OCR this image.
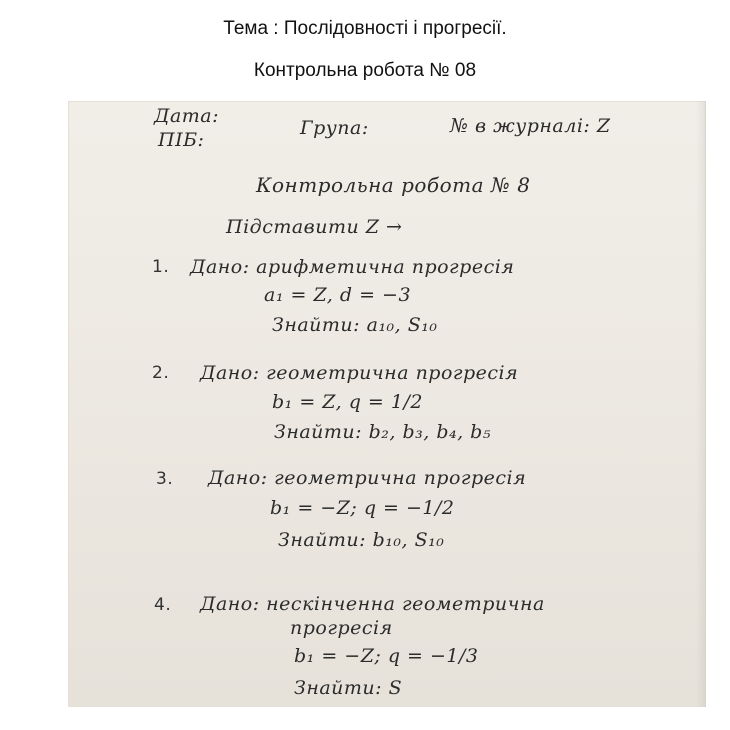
Тема : Послідовності і прогресії.
Контрольна робота № 08
Дата:
ПІБ:
Група:	№ в журналі: Z
Контрольна робота № 8
Підставити Z →
1. Дано: арифметична прогресія
a₁ = Z, d = −3
Знайти: a₁₀, S₁₀
2. Дано: геометрична прогресія
b₁ = Z, q = 1/2
Знайти: b₂, b₃, b₄, b₅
3. Дано: геометрична прогресія
b₁ = −Z; q = −1/2
Знайти: b₁₀, S₁₀
4. Дано: нескінченна геометрична
прогресія
b₁ = −Z; q = −1/3
Знайти: S
